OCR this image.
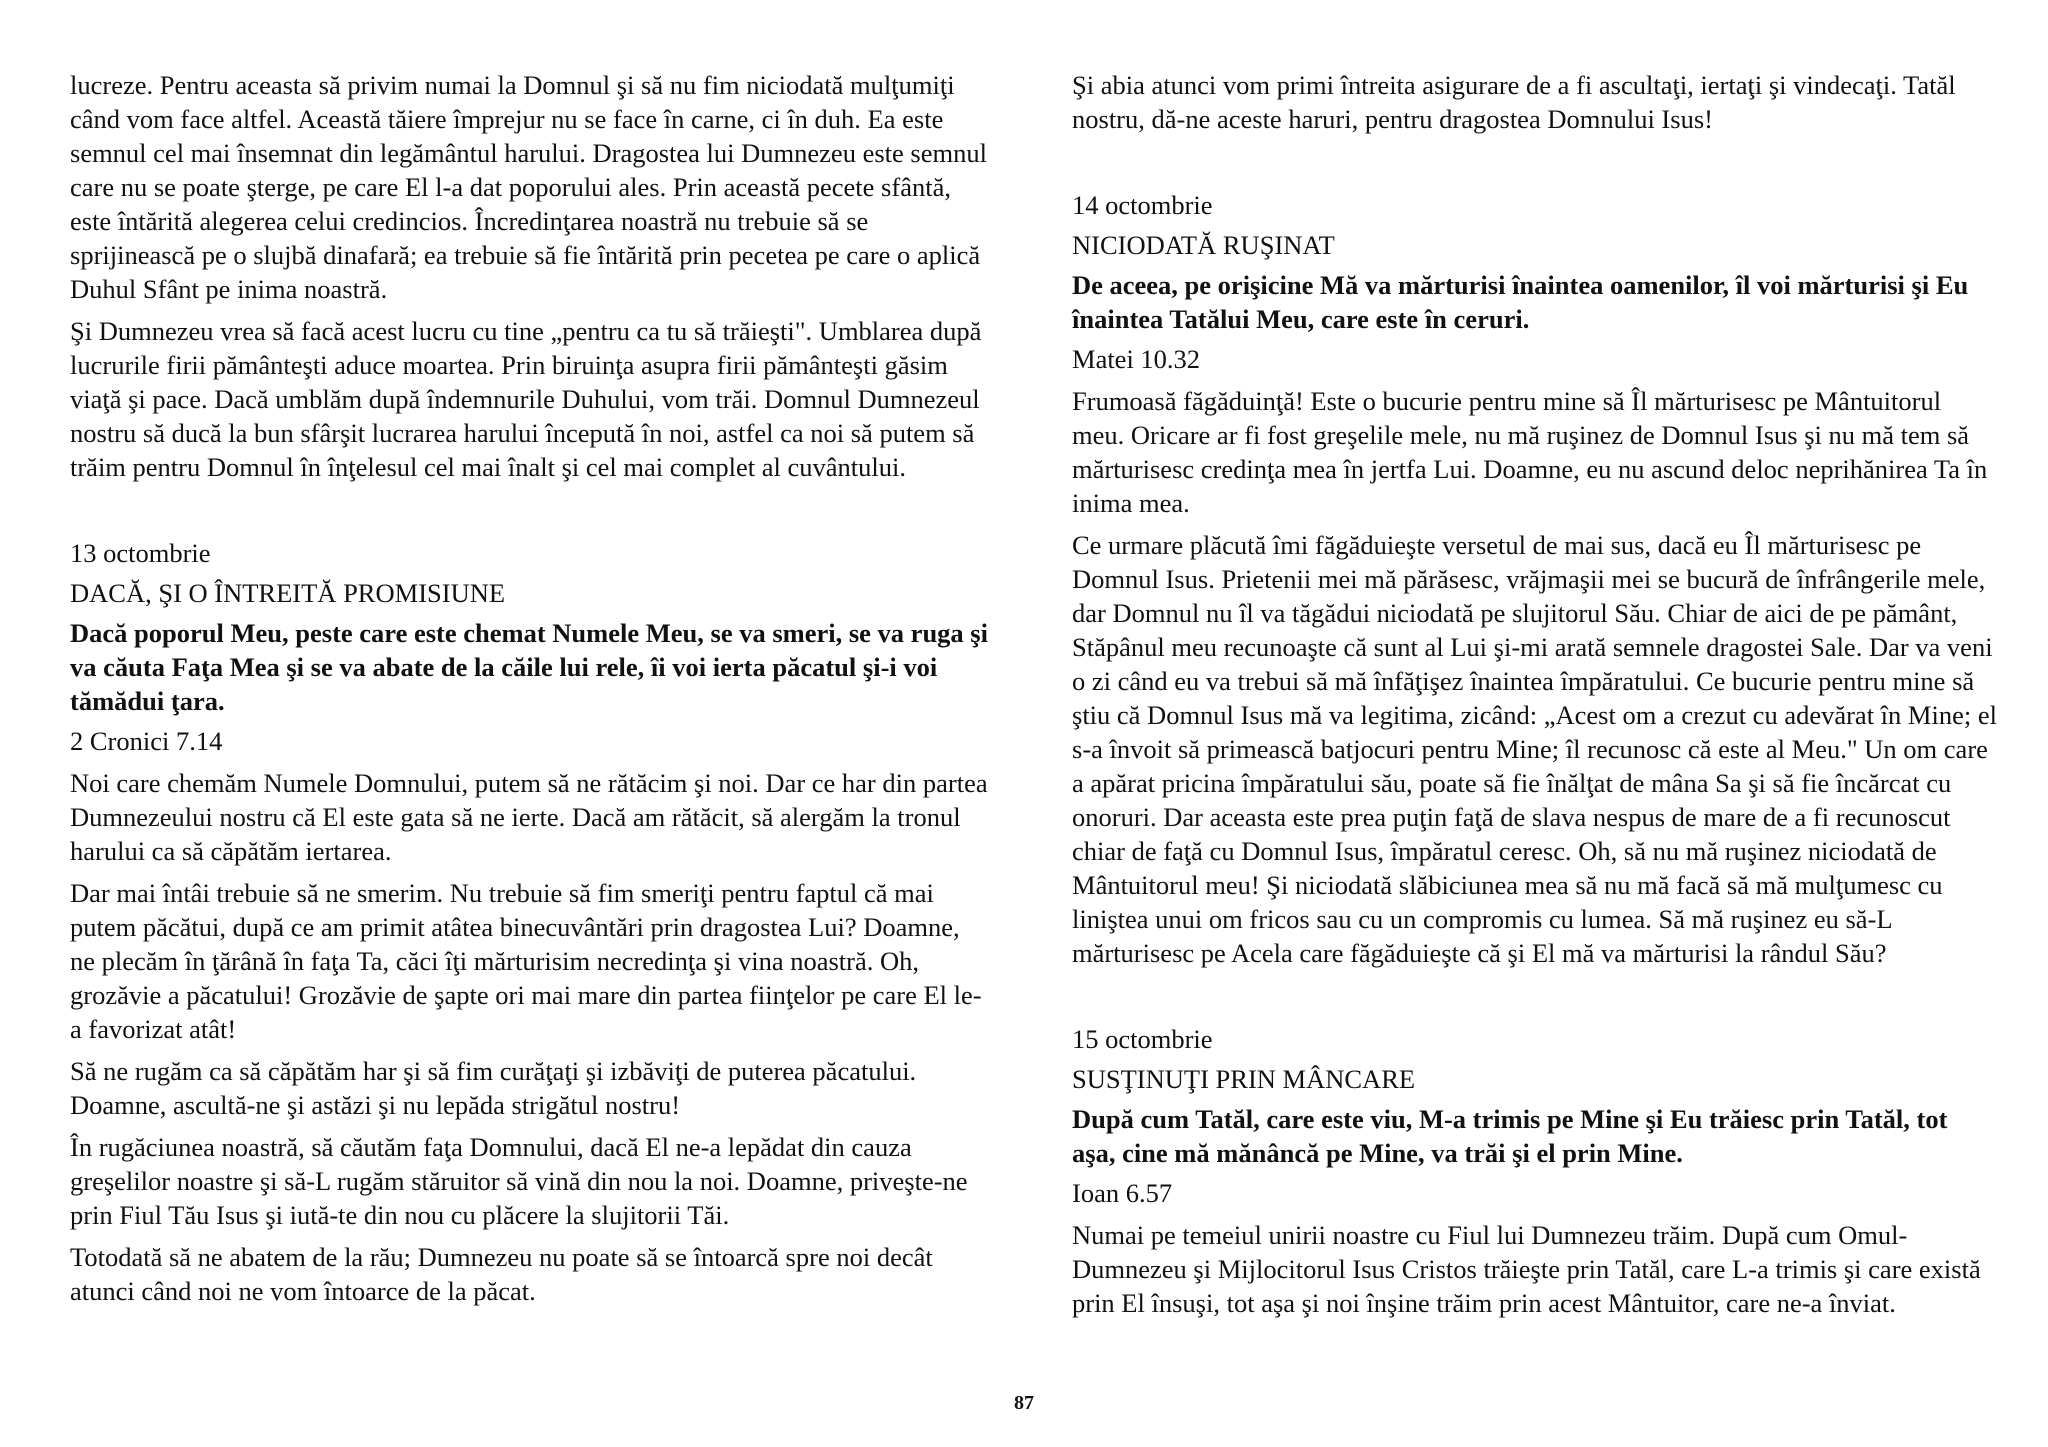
lucreze. Pentru aceasta să privim numai la Domnul şi să nu fim niciodată mulţumiţi când vom face altfel. Această tăiere împrejur nu se face în carne, ci în duh. Ea este semnul cel mai însemnat din legământul harului. Dragostea lui Dumnezeu este semnul care nu se poate şterge, pe care El l-a dat poporului ales. Prin această pecete sfântă, este întărită alegerea celui credincios. Încredinţarea noastră nu trebuie să se sprijinească pe o slujbă dinafară; ea trebuie să fie întărită prin pecetea pe care o aplică Duhul Sfânt pe inima noastră.

Şi Dumnezeu vrea să facă acest lucru cu tine „pentru ca tu să trăieşti". Umblarea după lucrurile firii pământeşti aduce moartea. Prin biruinţa asupra firii pământeşti găsim viaţă şi pace. Dacă umblăm după îndemnurile Duhului, vom trăi. Domnul Dumnezeul nostru să ducă la bun sfârşit lucrarea harului începută în noi, astfel ca noi să putem să trăim pentru Domnul în înţelesul cel mai înalt şi cel mai complet al cuvântului.

13 octombrie

DACĂ, ŞI O ÎNTREITĂ PROMISIUNE

Dacă poporul Meu, peste care este chemat Numele Meu, se va smeri, se va ruga şi va căuta Faţa Mea şi se va abate de la căile lui rele, îi voi ierta păcatul şi-i voi tămădui ţara.

2 Cronici 7.14

Noi care chemăm Numele Domnului, putem să ne rătăcim şi noi. Dar ce har din partea Dumnezeului nostru că El este gata să ne ierte. Dacă am rătăcit, să alergăm la tronul harului ca să căpătăm iertarea.

Dar mai întâi trebuie să ne smerim. Nu trebuie să fim smeriţi pentru faptul că mai putem păcătui, după ce am primit atâtea binecuvântări prin dragostea Lui? Doamne, ne plecăm în ţărână în faţa Ta, căci îţi mărturisim necredinţa şi vina noastră. Oh, grozăvie a păcatului! Grozăvie de şapte ori mai mare din partea fiinţelor pe care El le-a favorizat atât!

Să ne rugăm ca să căpătăm har şi să fim curăţaţi şi izbăviţi de puterea păcatului. Doamne, ascultă-ne şi astăzi şi nu lepăda strigătul nostru!

În rugăciunea noastră, să căutăm faţa Domnului, dacă El ne-a lepădat din cauza greşelilor noastre şi să-L rugăm stăruitor să vină din nou la noi. Doamne, priveşte-ne prin Fiul Tău Isus şi iută-te din nou cu plăcere la slujitorii Tăi.

Totodată să ne abatem de la rău; Dumnezeu nu poate să se întoarcă spre noi decât atunci când noi ne vom întoarce de la păcat.

Şi abia atunci vom primi întreita asigurare de a fi ascultaţi, iertaţi şi vindecaţi. Tatăl nostru, dă-ne aceste haruri, pentru dragostea Domnului Isus!

14 octombrie

NICIODATĂ RUŞINAT

De aceea, pe orişicine Mă va mărturisi înaintea oamenilor, îl voi mărturisi şi Eu înaintea Tatălui Meu, care este în ceruri.

Matei 10.32

Frumoasă făgăduinţă! Este o bucurie pentru mine să Îl mărturisesc pe Mântuitorul meu. Oricare ar fi fost greşelile mele, nu mă ruşinez de Domnul Isus şi nu mă tem să mărturisesc credinţa mea în jertfa Lui. Doamne, eu nu ascund deloc neprihănirea Ta în inima mea.

Ce urmare plăcută îmi făgăduieşte versetul de mai sus, dacă eu Îl mărturisesc pe Domnul Isus. Prietenii mei mă părăsesc, vrăjmaşii mei se bucură de înfrângerile mele, dar Domnul nu îl va tăgădui niciodată pe slujitorul Său. Chiar de aici de pe pământ, Stăpânul meu recunoaşte că sunt al Lui şi-mi arată semnele dragostei Sale. Dar va veni o zi când eu va trebui să mă înfăţişez înaintea împăratului. Ce bucurie pentru mine să ştiu că Domnul Isus mă va legitima, zicând: „Acest om a crezut cu adevărat în Mine; el s-a învoit să primească batjocuri pentru Mine; îl recunosc că este al Meu." Un om care a apărat pricina împăratului său, poate să fie înălţat de mâna Sa şi să fie încărcat cu onoruri. Dar aceasta este prea puţin faţă de slava nespus de mare de a fi recunoscut chiar de faţă cu Domnul Isus, împăratul ceresc. Oh, să nu mă ruşinez niciodată de Mântuitorul meu! Şi niciodată slăbiciunea mea să nu mă facă să mă mulţumesc cu liniştea unui om fricos sau cu un compromis cu lumea. Să mă ruşinez eu să-L mărturisesc pe Acela care făgăduieşte că şi El mă va mărturisi la rândul Său?

15 octombrie

SUSŢINUŢI PRIN MÂNCARE

După cum Tatăl, care este viu, M-a trimis pe Mine şi Eu trăiesc prin Tatăl, tot aşa, cine mă mănâncă pe Mine, va trăi şi el prin Mine.

Ioan 6.57

Numai pe temeiul unirii noastre cu Fiul lui Dumnezeu trăim. După cum Omul-Dumnezeu şi Mijlocitorul Isus Cristos trăieşte prin Tatăl, care L-a trimis şi care există prin El însuşi, tot aşa şi noi înşine trăim prin acest Mântuitor, care ne-a înviat.

87
